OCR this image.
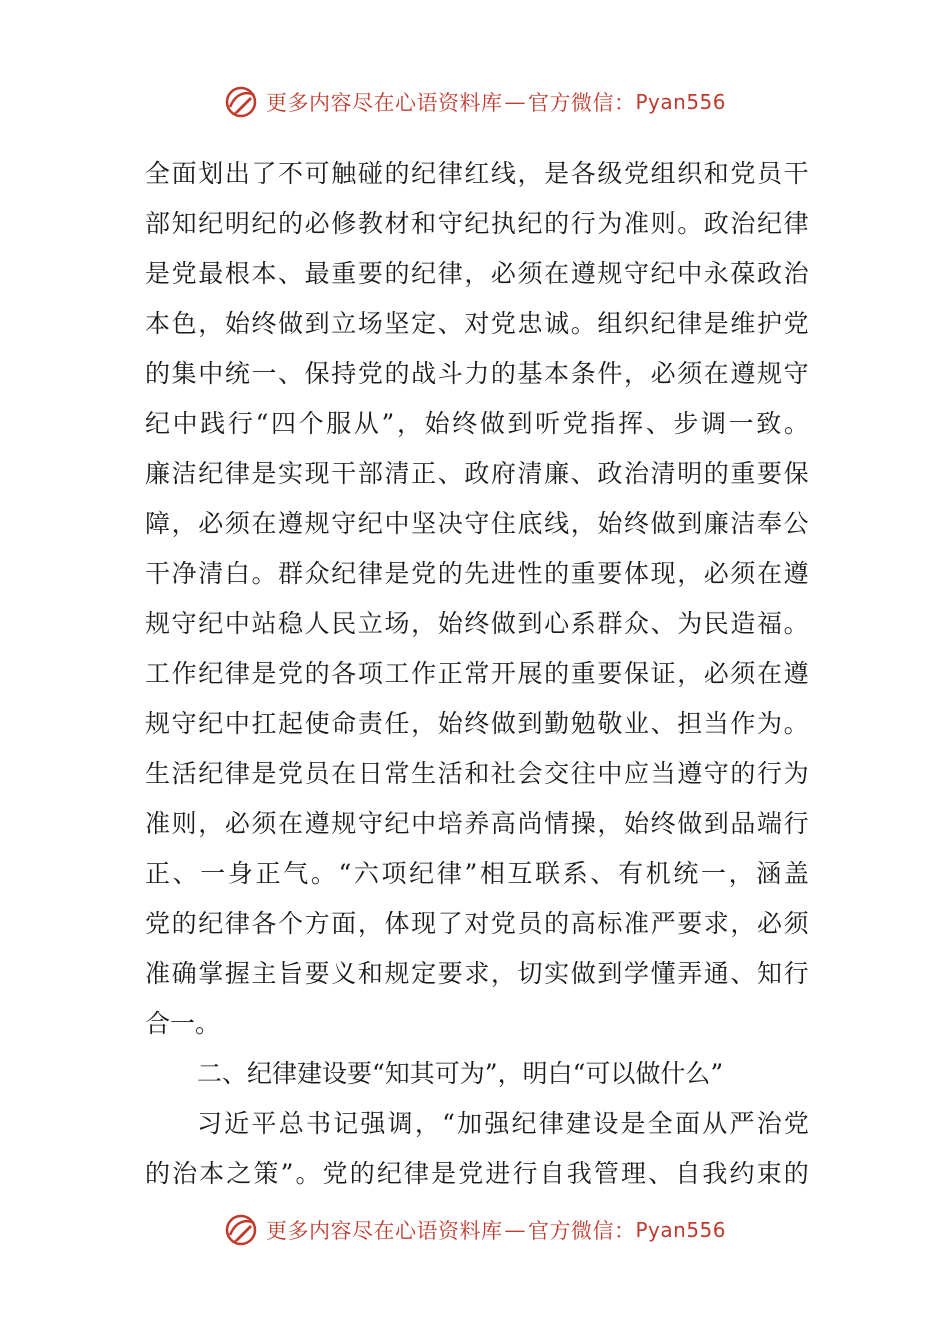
更多内容尽在心语资料库 — 官方微信： Pyan556
全 面 划 出 了 不 可 触 碰 的 纪 律 红 线 ， 是 各 级 党 组 织 和 党 员 干
部 知 纪 明 纪 的 必 修 教 材 和 守 纪 执 纪 的 行 为 准 则 。 政 治 纪 律
是 党 最 根 本 、 最 重 要 的 纪 律 ， 必 须 在 遵 规 守 纪 中 永 葆 政 治
本 色 ， 始 终 做 到 立 场 坚 定 、 对 党 忠 诚 。 组 织 纪 律 是 维 护 党
的 集 中 统 一 、 保 持 党 的 战 斗 力 的 基 本 条 件 ， 必 须 在 遵 规 守
纪 中 践 行 “ 四 个 服 从 ” ， 始 终 做 到 听 党 指 挥 、 步 调 一 致 。
廉 洁 纪 律 是 实 现 干 部 清 正 、 政 府 清 廉 、 政 治 清 明 的 重 要 保
障 ， 必 须 在 遵 规 守 纪 中 坚 决 守 住 底 线 ， 始 终 做 到 廉 洁 奉 公
干 净 清 白 。 群 众 纪 律 是 党 的 先 进 性 的 重 要 体 现 ， 必 须 在 遵
规 守 纪 中 站 稳 人 民 立 场 ， 始 终 做 到 心 系 群 众 、 为 民 造 福 。
工 作 纪 律 是 党 的 各 项 工 作 正 常 开 展 的 重 要 保 证 ， 必 须 在 遵
规 守 纪 中 扛 起 使 命 责 任 ， 始 终 做 到 勤 勉 敬 业 、 担 当 作 为 。
生 活 纪 律 是 党 员 在 日 常 生 活 和 社 会 交 往 中 应 当 遵 守 的 行 为
准 则 ， 必 须 在 遵 规 守 纪 中 培 养 高 尚 情 操 ， 始 终 做 到 品 端 行
正 、 一 身 正 气 。 “ 六 项 纪 律 ” 相 互 联 系 、 有 机 统 一 ， 涵 盖
党 的 纪 律 各 个 方 面 ， 体 现 了 对 党 员 的 高 标 准 严 要 求 ， 必 须
准 确 掌 握 主 旨 要 义 和 规 定 要 求 ， 切 实 做 到 学 懂 弄 通 、 知 行
合 一 。
二、纪律建设要“知其可为”，明白“可以做什么”
习 近 平 总 书 记 强 调 ， “ 加 强 纪 律 建 设 是 全 面 从 严 治 党
的 治 本 之 策 ” 。 党 的 纪 律 是 党 进 行 自 我 管 理 、 自 我 约 束 的
更多内容尽在心语资料库 — 官方微信： Pyan556
